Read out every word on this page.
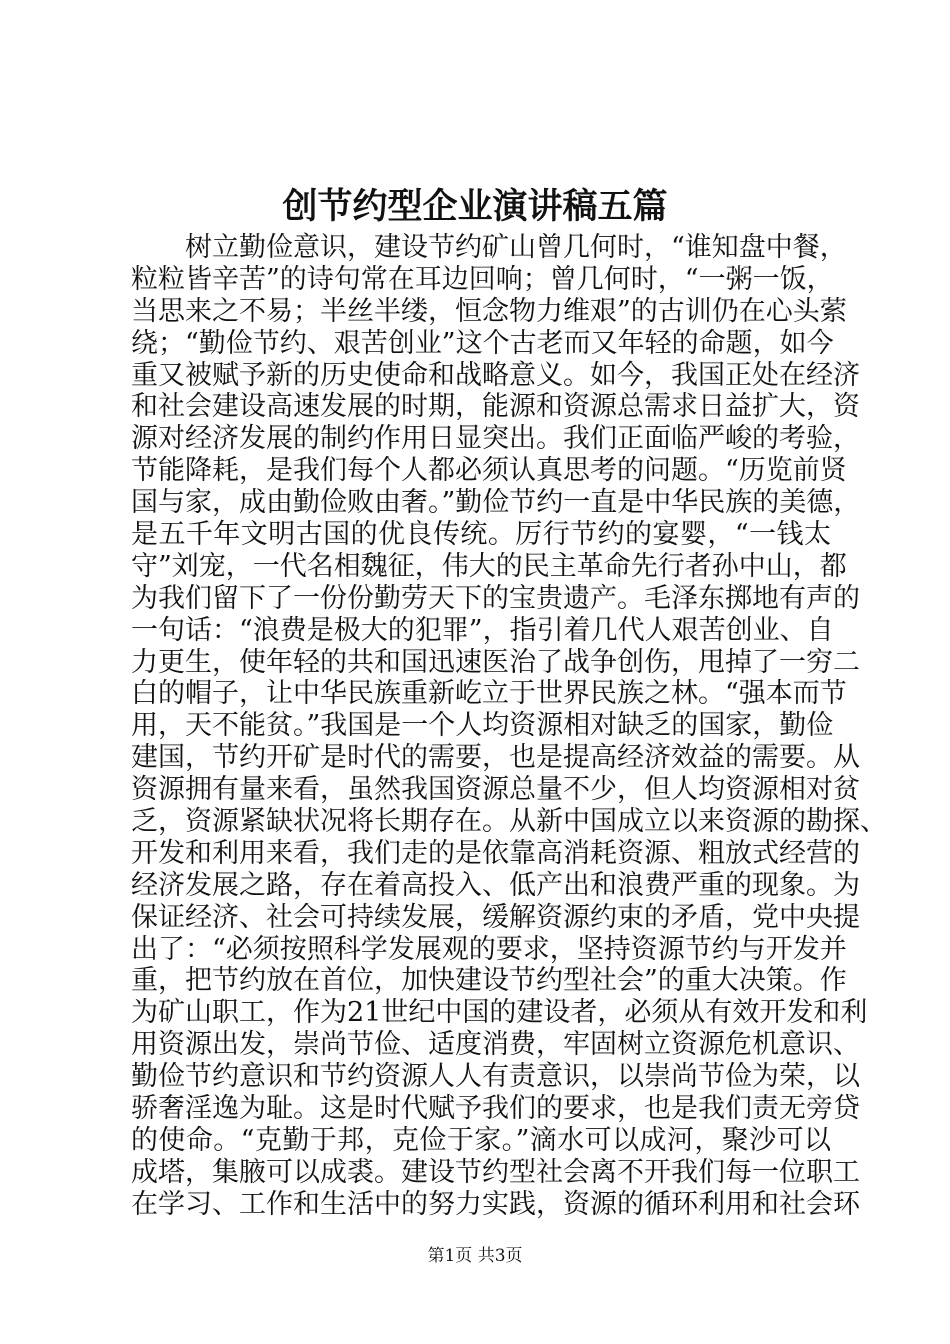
创节约型企业演讲稿五篇
树立勤俭意识，建设节约矿山曾几何时，“谁知盘中餐，
粒粒皆辛苦”的诗句常在耳边回响；曾几何时，“一粥一饭，
当思来之不易；半丝半缕，恒念物力维艰”的古训仍在心头萦
绕；“勤俭节约、艰苦创业”这个古老而又年轻的命题，如今
重又被赋予新的历史使命和战略意义。如今，我国正处在经济
和社会建设高速发展的时期，能源和资源总需求日益扩大，资
源对经济发展的制约作用日显突出。我们正面临严峻的考验，
节能降耗，是我们每个人都必须认真思考的问题。“历览前贤
国与家，成由勤俭败由奢。”勤俭节约一直是中华民族的美德，
是五千年文明古国的优良传统。厉行节约的宴婴，“一钱太
守”刘宠，一代名相魏征，伟大的民主革命先行者孙中山，都
为我们留下了一份份勤劳天下的宝贵遗产。毛泽东掷地有声的
一句话：“浪费是极大的犯罪”，指引着几代人艰苦创业、自
力更生，使年轻的共和国迅速医治了战争创伤，甩掉了一穷二
白的帽子，让中华民族重新屹立于世界民族之林。“强本而节
用，天不能贫。”我国是一个人均资源相对缺乏的国家，勤俭
建国，节约开矿是时代的需要，也是提高经济效益的需要。从
资源拥有量来看，虽然我国资源总量不少，但人均资源相对贫
乏，资源紧缺状况将长期存在。从新中国成立以来资源的勘探、
开发和利用来看，我们走的是依靠高消耗资源、粗放式经营的
经济发展之路，存在着高投入、低产出和浪费严重的现象。为
保证经济、社会可持续发展，缓解资源约束的矛盾，党中央提
出了：“必须按照科学发展观的要求，坚持资源节约与开发并
重，把节约放在首位，加快建设节约型社会”的重大决策。作
为矿山职工，作为21世纪中国的建设者，必须从有效开发和利
用资源出发，崇尚节俭、适度消费，牢固树立资源危机意识、
勤俭节约意识和节约资源人人有责意识，以崇尚节俭为荣，以
骄奢淫逸为耻。这是时代赋予我们的要求，也是我们责无旁贷
的使命。“克勤于邦，克俭于家。”滴水可以成河，聚沙可以
成塔，集腋可以成裘。建设节约型社会离不开我们每一位职工
在学习、工作和生活中的努力实践，资源的循环利用和社会环
第1页 共3页
